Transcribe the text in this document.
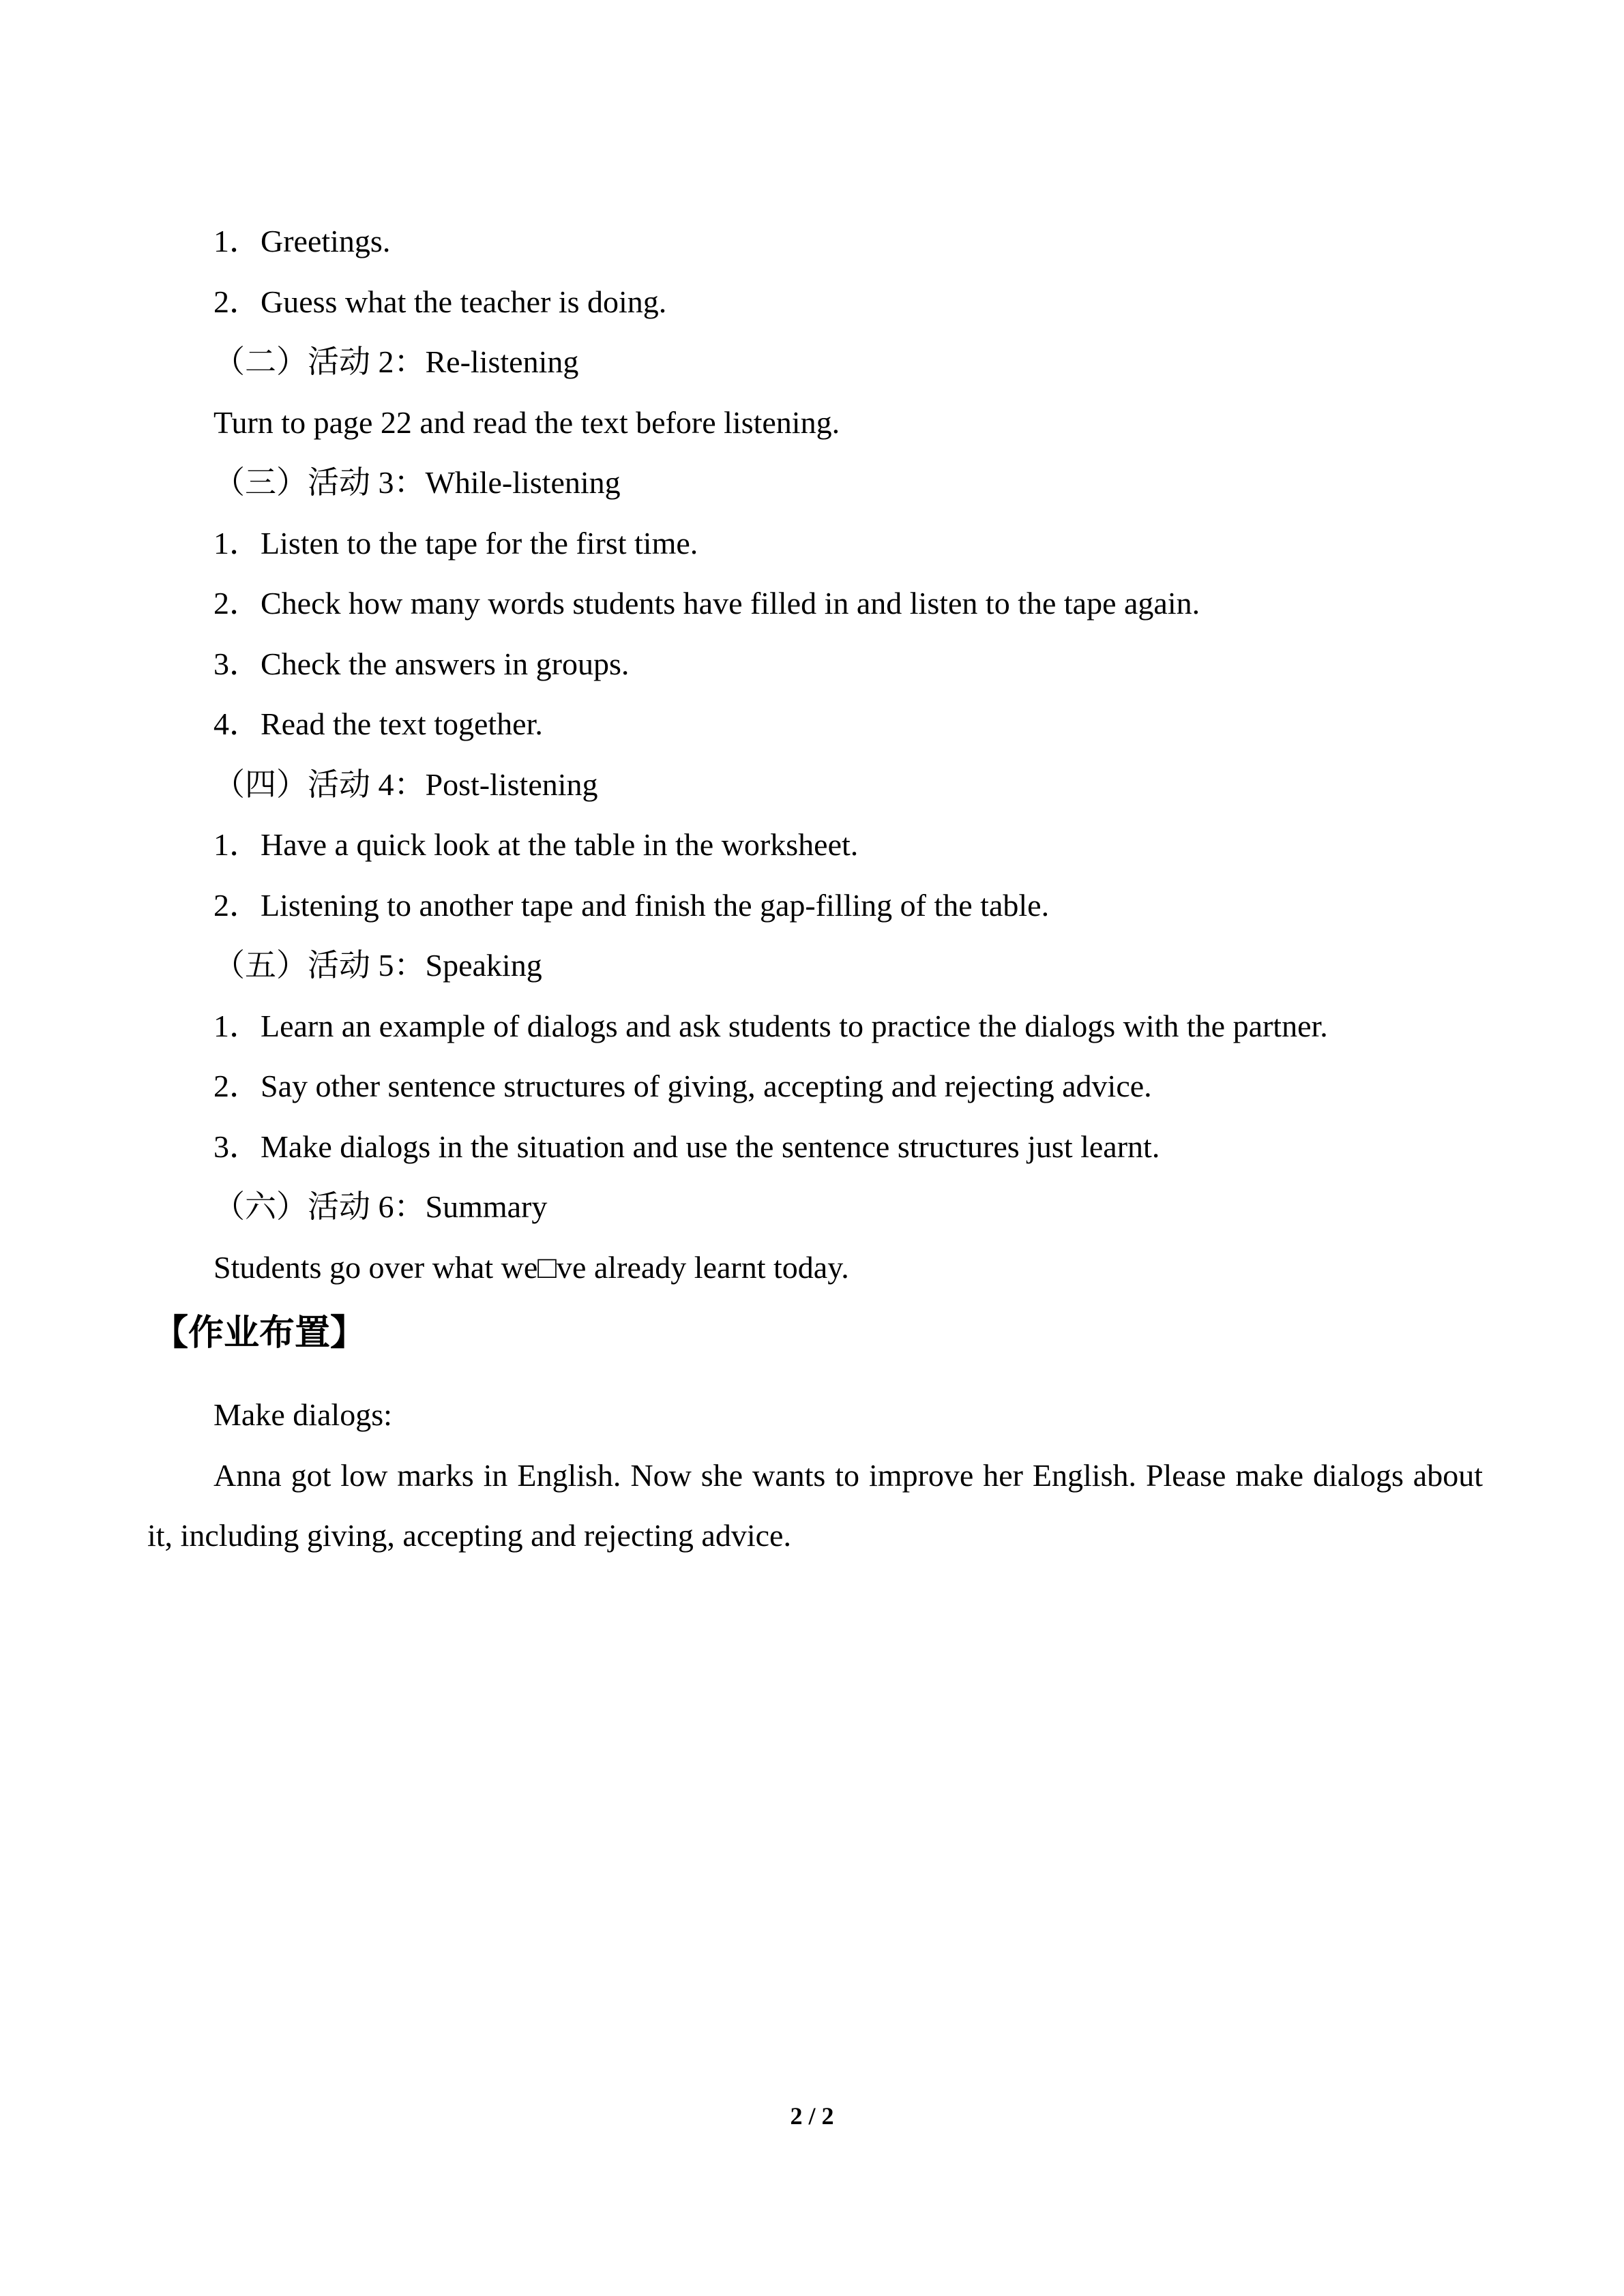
1．Greetings.
2．Guess what the teacher is doing.
（二）活动 2：Re-listening
Turn to page 22 and read the text before listening.
（三）活动 3：While-listening
1．Listen to the tape for the first time.
2．Check how many words students have filled in and listen to the tape again.
3．Check the answers in groups.
4．Read the text together.
（四）活动 4：Post-listening
1．Have a quick look at the table in the worksheet.
2．Listening to another tape and finish the gap-filling of the table.
（五）活动 5：Speaking
1．Learn an example of dialogs and ask students to practice the dialogs with the partner.
2．Say other sentence structures of giving, accepting and rejecting advice.
3．Make dialogs in the situation and use the sentence structures just learnt.
（六）活动 6：Summary
Students go over what we□ve already learnt today.
【作业布置】
Make dialogs:
Anna got low marks in English. Now she wants to improve her English. Please make dialogs about it, including giving, accepting and rejecting advice.
2 / 2
